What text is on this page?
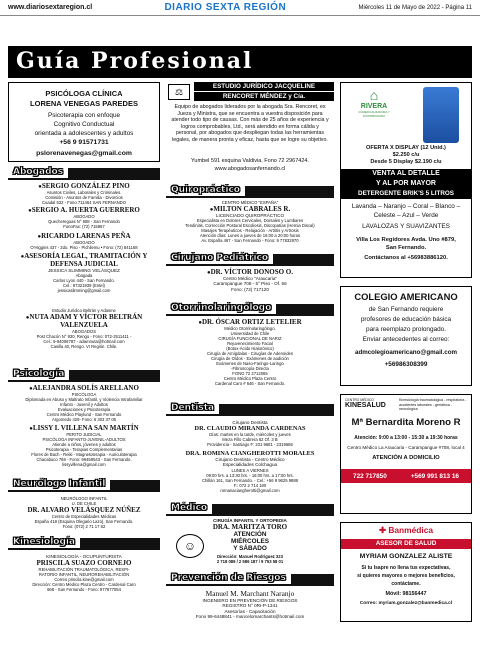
www.diariosextaregion.cl	DIARIO SEXTA REGIÓN	Miércoles 11 de Mayo de 2022 - Página 11
Guía Profesional
PSICÓLOGA CLÍNICA
LORENA VENEGAS PAREDES
Psicoterapia con enfoque
Cognitivo Conductual
orientada a adolescentes y adultos
+56 9 91571731
pslorenavenegas@gmail.com
Abogados
● SERGIO GONZÁLEZ PINO
Asuntos Civiles, Laborales y Criminales.
Comisión - Asuntos de Familia - Divorcios
Cuadal 532 - Fono 711464 SAN FERNANDO
● SERGIO A. HUERTA GUERRERO
ABOGADO
Quechereguas N° 688 - San Fernando
FonoFax: (72) 715967
● RICARDO LARENAS PEÑA
ABOGADO
O'Higgins 437 - 2do. Piso - Pichilemu • Fono: (72) 841168
● ASESORÍA LEGAL, TRAMITACIÓN Y DEFENSA JUDICIAL
JESSICA SLIMMING VELÁSQUEZ
Abogada
Carlos Lyon 440 - San Fernando.
Cel.: 87321839 (Entel)
jessicaslimming@gmail.com
Estudio Jurídico Beltrán y Adasme
● NUTA ADAM Y VÍCTOR BELTRÁN VALENZUELA
ABOGADOS
Post Chacón N° 930, Rengo - Fono: 072-2511411 -
Cel.: 9-94006787 - adamnuta@hotmail.com
Casilla 40, Rengo. VI Región. Chile.
Psicología
● ALEJANDRA SOLÍS ARELLANO
PSICÓLOGA
Diplomada en Abuso y Maltrato Infantil, y Violencia Intrafamiliar
Infanto - Juvenil y Adultos
Evaluaciones y Psicoterapia
Centro Médico Playlund - San Fernando
Argomedo 428- Fono: 6 303 37 06
● LISSY I. VILLENA SAN MARTÍN
PERITO JUDICIAL
PSICÓLOGA INFANTO-JUVENIL-ADULTOS
Atiende a niños, jóvenes y adultos
Psicoterapia - Terapias Complementarias
Flores de Bach - Reiki - Magnetoterapia - Auriculoterapia
Chacabuco 768 - Fono: 99459543 - San Fernando.
lissyvillena@gmail.com
Neurólogo Infantil
NEURÓLOGO INFANTIL
U. DE CHILE
DR. ALVARO VELÁSQUEZ NÚÑEZ
Centro de Especialidades Médicas
España 418 (Esquina Olegario Lazo), San Fernando.
Fono: (072) 2 71 17 62
Kinesiología
KINESIOLOGÍA - OCUPUNTURISTA
PRISCILA SUAZO CORNEJO
REHABILITACIÓN TRAUMATOLÓGICA, RESPI-
RATORIO INFANTIL, NEUROREHABILITACIÓN
Correo priscila.kine@gmail.com
Dirección: Centro Médico Plaza Centro - Cardenal Caro
668 - San Fernando - Fono: 977877084
⚖	ESTUDIO JURÍDICO JACQUELINE
RENCORET MÉNDEZ y Cía.
Equipo de abogados liderados por la abogada Sra. Rencoret, ex Jueza y Ministra, que se encuentra a vuestra disposición para atender todo tipo de causas. Con más de 25 años de experiencia y logros comprobables, Ltd., será atendido en forma cálida y personal, por abogados que despliegan todas las herramientas legales, de manera pronta y eficaz, hasta que se logre su objetivo.
Yumbel 591 esquina Valdivia. Fono 72 2967424.
www.abogadosanfernando.cl
Quiropráctico
CENTRO MÉDICO "ESPAÑA"
● MILTON CABRALES R.
LICENCIADO QUIROPRÁCTICO
Especialista en Dolores Cervicales, Dorsales y Lumbares
Tendinitis, Corrección Postural Escoliosis, Discopatías (Hernia Discal)
Masajes Terapéuticos - Relajación - Artritis y Artrosis
Atención días: Lunes a jueves de 16:00 a 20:00 horas
Av. España 467 - San Fernando - Fono: 9 77832970
Cirujano Pediátrico
● DR. VÍCTOR DONOSO O.
Centro Médico "Araucaria"
Carampangue 708 - 5° Piso - Of. 56
Fono: (72) 717120
Otorrinolaringólogo
● DR. ÓSCAR ORTIZ LETELIER
Médico Otorrinolaringólogo.
Universidad de Chile
CIRUGÍA FUNCIONAL DE NARIZ
Rejuvenecimiento Facial
(Botox-Ácido Hialurónico)
Cirugía de Amígdalas - Cirugías de Adenoides
Cirugía de Oídos - Exámenes de audición
Exámenes de Naso-Faringo-Laringo
-Fibroscopía Directa
FONO 72 2712065
Centro Médico Plaza Centro
Cardenal Caro # 646 - San Fernando.
Dentista
Cirujano Dentista
DR. CLAUDIO MIRANDA CARDENAS
Días: martes en la tarde, miércoles y jueves
Meza Fillo Cabrera 62 Of. 3 B
Providencia - Santiago F: 231 9681 - 2319686
DRA. ROMINA CIANGHEROTTI MORALES
Cirujano Dentista - Centro Médico
Especialidades Colchagua
LUNES A VIERNES
09:00 hrs. a 13:30 hrs. - 16:00 hrs. a 17:00 hrs.
Chillán 161, San Fernando. - Cel.: +56 9 9625 9888
F.: 072 2 714 180
romanaciangherotti@gmail.com
Médico
CIRUGÍA INFANTIL Y ORTOPEDIA
DRA. MARITZA TORO
☺
ATENCIÓN
MIÉRCOLES
Y SÁBADO
Dirección: Manuel Rodríguez 323
2 718 089 / 2 586 187 / 9 753 58 01
Prevención de Riesgos
Manuel M. Marchant Naranjo
INGENIERO EN PREVENCIÓN DE RIESGOS
REGISTRO N° 0RI-P-1341
Asesorías - Capacitación
Fono 99-6448841 - mancelomarchants@hotmail.com
⌂
RIVERA
COMERCIALIZADORA Y DISTRIBUIDORA
OFERTA X DISPLAY (12 Unid.)
$2.250 c/u
Desde 5 Display $2.190 c/u
VENTA AL DETALLE
Y AL POR MAYOR
DETERGENTE BRIK'S 5 LITROS
Lavanda – Naranjo – Coral – Blanco –
Celeste – Azul – Verde
LAVALOZAS Y SUAVIZANTES
Villa Los Regidores Avda. Uno #879,
San Fernando.
Contáctanos al +56983886120.
COLEGIO AMERICANO
de San Fernando requiere
profesores de educación básica
para reemplazo prolongado.
Enviar antecedentes al correo:
admcolegioamericano@gmail.com
+56986308399
CENTRO MÉDICO
KINESALUD
Kinesiología traumatológica - respiratoria -
accidentes laborales - geriátrica - neurológica
Mª Bernardita Moreno R
Atención: 9:00 a 13:00 - 15:30 a 19:30 horas
Centro Médico La Araucaria - Carampangue #708, local 4
ATENCIÓN A DOMICILIO
722 717850	+569 991 813 16
✚ Banmédica
ASESOR DE SALUD
MYRIAM GONZALEZ ALISTE
Si tu Isapre no llena tus expectativas,
si quieres mayores o mejores beneficios,
contáctame.
Móvil: 98156447
Correo: myriam.gonzalez@banmedica.cl
